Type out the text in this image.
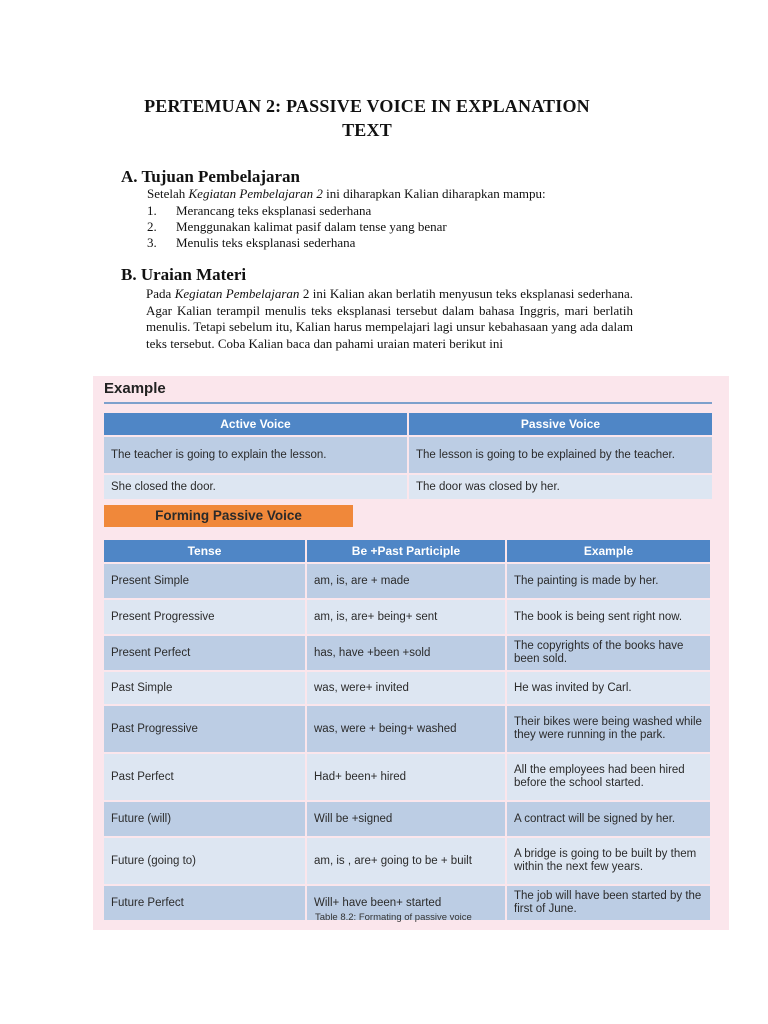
PERTEMUAN 2: PASSIVE VOICE IN EXPLANATION
TEXT
A. Tujuan Pembelajaran
Setelah Kegiatan Pembelajaran 2 ini diharapkan Kalian diharapkan mampu:
1. Merancang teks eksplanasi sederhana
2. Menggunakan kalimat pasif dalam tense yang benar
3. Menulis teks eksplanasi sederhana
B. Uraian Materi
Pada Kegiatan Pembelajaran 2 ini Kalian akan berlatih menyusun teks eksplanasi sederhana. Agar Kalian terampil menulis teks eksplanasi tersebut dalam bahasa Inggris, mari berlatih menulis. Tetapi sebelum itu, Kalian harus mempelajari lagi unsur kebahasaan yang ada dalam teks tersebut. Coba Kalian baca dan pahami uraian materi berikut ini
Example
Active Voice	Passive Voice
The teacher is going to explain the lesson.	The lesson is going to be explained by the teacher.
She closed the door.	The door was closed by her.
Forming Passive Voice
Tense	Be +Past Participle	Example
Present Simple	am, is, are + made	The painting is made by her.
Present Progressive	am, is, are+ being+ sent	The book is being sent right now.
Present Perfect	has, have +been +sold	The copyrights of the books have been sold.
Past Simple	was, were+ invited	He was invited by Carl.
Past Progressive	was, were + being+ washed	Their bikes were being washed while they were running in the park.
Past Perfect	Had+ been+ hired	All the employees had been hired before the school started.
Future (will)	Will be +signed	A contract will be signed by her.
Future (going to)	am, is , are+ going to be + built	A bridge is going to be built by them within the next few years.
Future Perfect	Will+ have been+ started	The job will have been started by the first of June.
Table 8.2: Formating of passive voice
